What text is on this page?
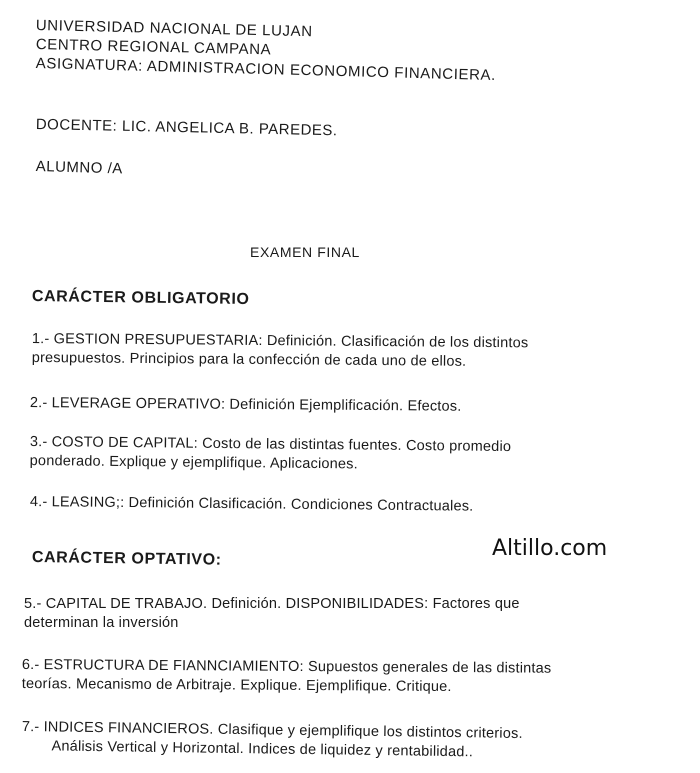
UNIVERSIDAD NACIONAL DE LUJAN
CENTRO REGIONAL CAMPANA
ASIGNATURA: ADMINISTRACION ECONOMICO FINANCIERA.
DOCENTE: LIC. ANGELICA B. PAREDES.
ALUMNO /A
EXAMEN FINAL
CARÁCTER OBLIGATORIO
1.- GESTION PRESUPUESTARIA: Definición. Clasificación de los distintos
presupuestos. Principios para la confección de cada uno de ellos.
2.- LEVERAGE OPERATIVO: Definición Ejemplificación. Efectos.
3.- COSTO DE CAPITAL: Costo de las distintas fuentes. Costo promedio
ponderado. Explique y ejemplifique. Aplicaciones.
4.- LEASING;: Definición Clasificación. Condiciones Contractuales.
CARÁCTER OPTATIVO:	Altillo.com
5.- CAPITAL DE TRABAJO. Definición. DISPONIBILIDADES: Factores que
determinan la inversión
6.- ESTRUCTURA DE FIANNCIAMIENTO: Supuestos generales de las distintas
teorías. Mecanismo de Arbitraje. Explique. Ejemplifique. Critique.
7.- INDICES FINANCIEROS. Clasifique y ejemplifique los distintos criterios.
Análisis Vertical y Horizontal. Indices de liquidez y rentabilidad..
